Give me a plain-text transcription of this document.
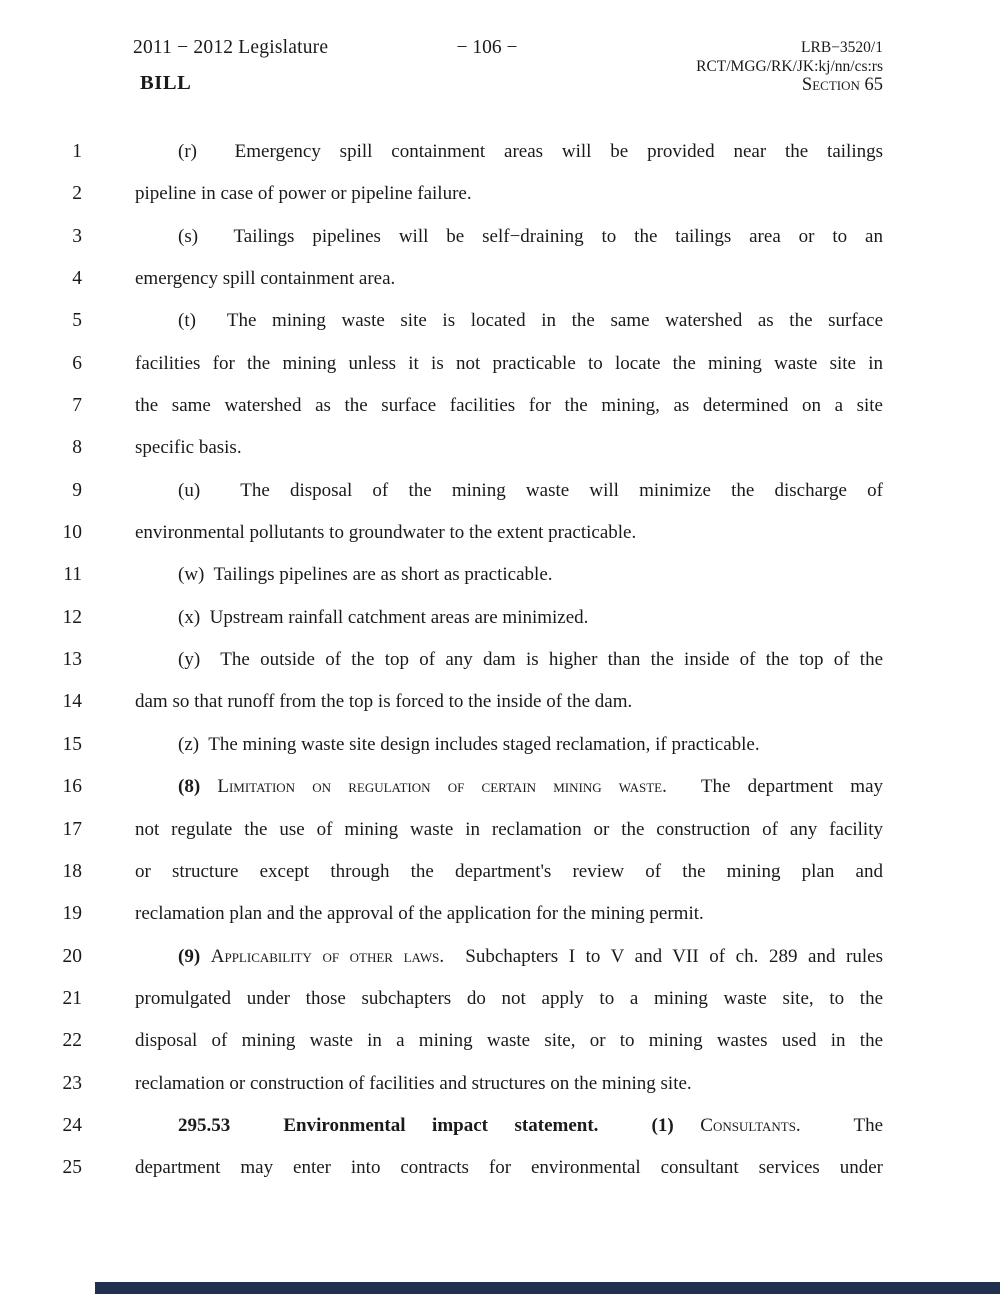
2011 − 2012 Legislature	− 106 −	LRB−3520/1
RCT/MGG/RK/JK:kj/nn/cs:rs
BILL	Section 65
1	(r)  Emergency spill containment areas will be provided near the tailings
2	pipeline in case of power or pipeline failure.
3	(s)  Tailings pipelines will be self−draining to the tailings area or to an
4	emergency spill containment area.
5	(t)  The mining waste site is located in the same watershed as the surface
6	facilities for the mining unless it is not practicable to locate the mining waste site in
7	the same watershed as the surface facilities for the mining, as determined on a site
8	specific basis.
9	(u)  The disposal of the mining waste will minimize the discharge of
10	environmental pollutants to groundwater to the extent practicable.
11	(w)  Tailings pipelines are as short as practicable.
12	(x)  Upstream rainfall catchment areas are minimized.
13	(y)  The outside of the top of any dam is higher than the inside of the top of the
14	dam so that runoff from the top is forced to the inside of the dam.
15	(z)  The mining waste site design includes staged reclamation, if practicable.
16	(8) Limitation on regulation of certain mining waste.  The department may
17	not regulate the use of mining waste in reclamation or the construction of any facility
18	or structure except through the department's review of the mining plan and
19	reclamation plan and the approval of the application for the mining permit.
20	(9) Applicability of other laws.  Subchapters I to V and VII of ch. 289 and rules
21	promulgated under those subchapters do not apply to a mining waste site, to the
22	disposal of mining waste in a mining waste site, or to mining wastes used in the
23	reclamation or construction of facilities and structures on the mining site.
24	295.53	Environmental impact statement.	(1) Consultants.  The
25	department may enter into contracts for environmental consultant services under
